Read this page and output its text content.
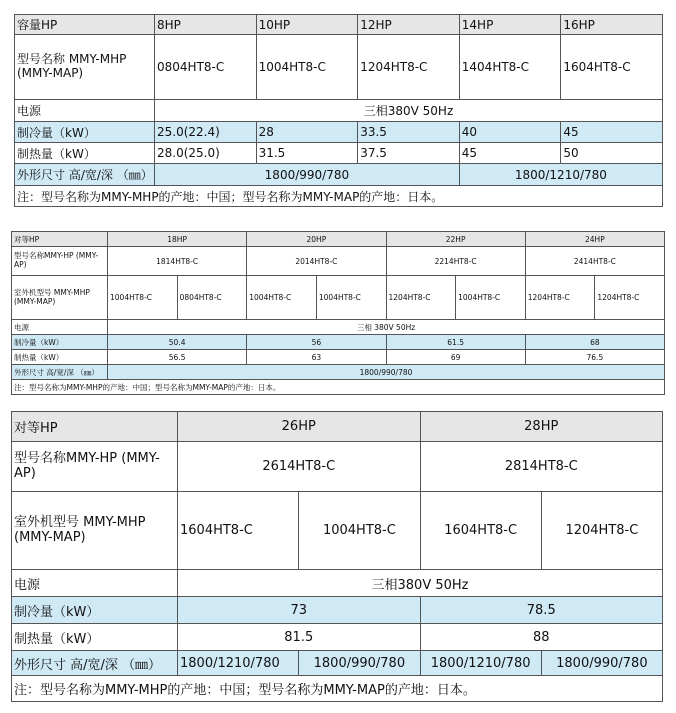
容量HP	8HP	10HP	12HP	14HP	16HP
型号名称 MMY-MHP (MMY-MAP)	0804HT8-C	1004HT8-C	1204HT8-C	1404HT8-C	1604HT8-C
电源	三相380V 50Hz				
制冷量（kW）	25.0(22.4)	28	33.5	40	45
制热量（kW）	28.0(25.0)	31.5	37.5	45	50
外形尺寸 高/宽/深 （㎜）	1800/990/780			1800/1210/780	
注：型号名称为MMY-MHP的产地：中国；型号名称为MMY-MAP的产地：日本。					
对等HP	18HP		20HP		22HP		24HP	
型号名称MMY-HP (MMY-AP)	1814HT8-C		2014HT8-C		2214HT8-C		2414HT8-C	
室外机型号 MMY-MHP (MMY-MAP)	1004HT8-C	0804HT8-C	1004HT8-C	1004HT8-C	1204HT8-C	1004HT8-C	1204HT8-C	1204HT8-C
电源	三相 380V 50Hz							
制冷量（kW）	50.4		56		61.5		68	
制热量（kW）	56.5		63		69		76.5	
外形尺寸 高/宽/深 （㎜）	1800/990/780							
注：型号名称为MMY-MHP的产地：中国；型号名称为MMY-MAP的产地：日本。								
对等HP	26HP		28HP	
型号名称MMY-HP (MMY-AP)	2614HT8-C		2814HT8-C	
室外机型号 MMY-MHP (MMY-MAP)	1604HT8-C	1004HT8-C	1604HT8-C	1204HT8-C
电源	三相380V 50Hz			
制冷量（kW）	73		78.5	
制热量（kW）	81.5		88	
外形尺寸 高/宽/深 （㎜）	1800/1210/780	1800/990/780	1800/1210/780	1800/990/780
注：型号名称为MMY-MHP的产地：中国；型号名称为MMY-MAP的产地：日本。				
